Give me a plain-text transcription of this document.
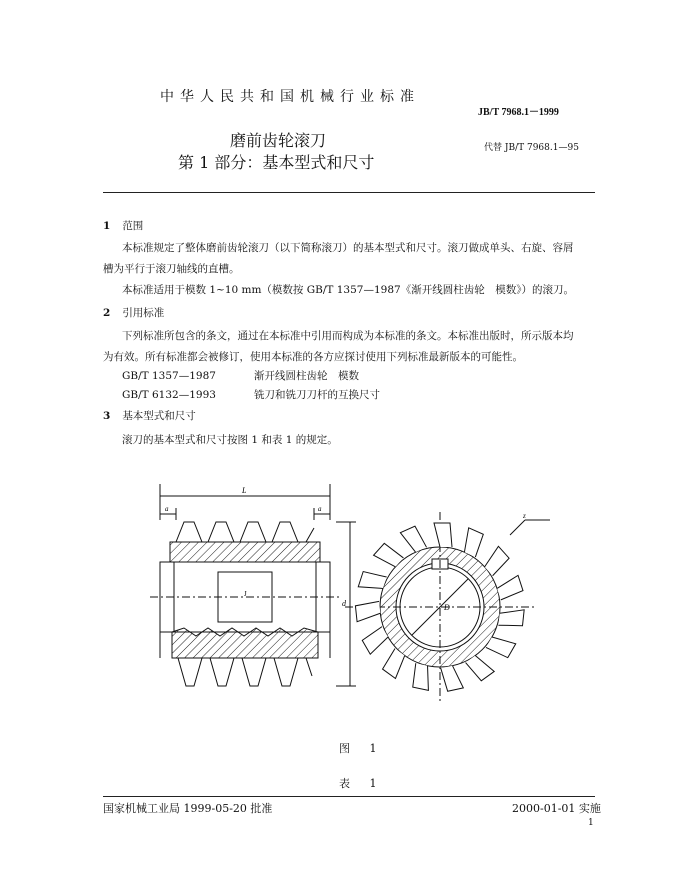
中华人民共和国机械行业标准
JB/T 7968.1－1999
磨前齿轮滚刀
第 1 部分：基本型式和尺寸
代替 JB/T 7968.1—95
1 范围
本标准规定了整体磨前齿轮滚刀（以下简称滚刀）的基本型式和尺寸。滚刀做成单头、右旋、容屑
槽为平行于滚刀轴线的直槽。
本标准适用于模数 1~10 mm（模数按 GB/T 1357—1987《渐开线圆柱齿轮　模数》）的滚刀。
2 引用标准
下列标准所包含的条文，通过在本标准中引用而构成为本标准的条文。本标准出版时，所示版本均
为有效。所有标准都会被修订，使用本标准的各方应探讨使用下列标准最新版本的可能性。
GB/T 1357—1987	渐开线圆柱齿轮　模数
GB/T 6132—1993	铣刀和铣刀刀杆的互换尺寸
3 基本型式和尺寸
滚刀的基本型式和尺寸按图 1 和表 1 的规定。
L
a	a
J
d	D
z
图 1
表 1
国家机械工业局 1999-05-20 批准	2000-01-01 实施
1
